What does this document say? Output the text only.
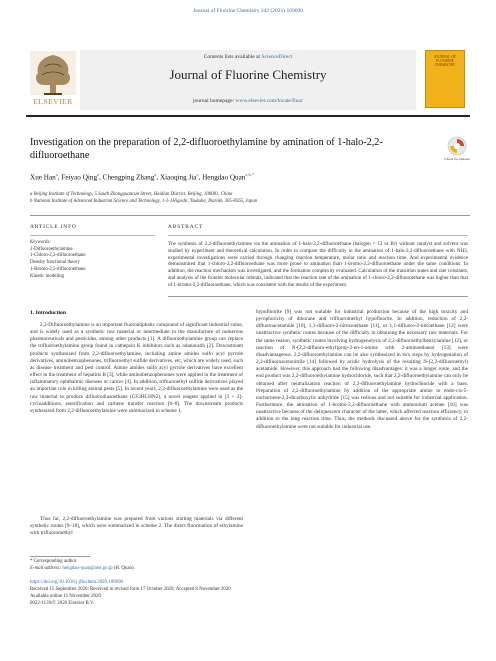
Journal of Fluorine Chemistry 242 (2021) 109690
ELSEVIER
Contents lists available at ScienceDirect
Journal of Fluorine Chemistry
journal homepage: www.elsevier.com/locate/fluor
JOURNAL OF FLUORINE CHEMISTRY
Investigation on the preparation of 2,2-difluoroethylamine by amination of 1-halo-2,2-difluoroethane	Check for updates
Xue Han$^a$, Feiyao Qing$^a$, Chengping Zhang$^a$, Xiaoqing Jia$^a$, Hengdao Quan$^{a,b,*}$
a Beijing Institute of Technology, 5 South Zhongguancun Street, Haidian District, Beijing, 100081, China
b National Institute of Advanced Industrial Science and Technology, 1-1-1Higashi, Tsukuba, Ibaraki, 305-8565, Japan
ARTICLE INFO
Keywords:
2-Difluoroethylamine
1-Chloro-2,2-difluoroethane
Density functional theory
1-Bromo-2,2-difluoroethane
Kinetic modeling
ABSTRACT
The synthesis of 2,2-difluoroethylamine via the amination of 1-halo-2,2-difluoroethane (halogen = Cl or Br) without catalyst and solvent was studied by experiment and theoretical calculation. In order to compare the difficulty in the amination of 1-halo-2,2-difluoroethane with NH3, experimental investigations were carried through changing reaction temperature, molar ratio and reaction time. And experimental evidence demonstrated that 1-chloro-2,2-difluoroethane was more prone to amination than 1-bromo-2,2-difluoroethane under the same conditions. In addition, the reaction mechanism was investigated, and the formation complexity evaluated. Calculation of the transition states and rate constants, and analysis of the frontier molecular orbitals, indicated that the reaction rate of the amination of 1-chloro-2,2-difluoroethane was higher than that of 1-bromo-2,2-difluoroethane, which was consistent with the results of the experiment.
1. Introduction
2,2-Difluoroethylamine is an important fluoroaliphatic compound of significant industrial value, and is widely used as a synthetic raw material or intermediate in the manufacture of numerous pharmaceuticals and pesticides, among other products [1]. A difluoroethylamine group can replace the trifluoroethylamine group found in cathepsin K inhibitors such as odanacatib [2]. Downstream products synthesized from 2,2-difluoroethylamine, including amine amides sulfo acyl pyrrole derivatives, aminobenzophenones, trifluoroethyl sulfide derivatives, etc, which are widely used, such as disease treatment and pest control. Amine amides sulfo acyl pyrrole derivatives have excellent effect in the treatment of hepatitis B [3], while aminobenzophenones were applied in the treatment of inflammatory ophthalmic diseases or cancer [4]. In addition, trifluoroethyl sulfide derivatives played an important role in killing animal pests [5]. In recent years, 2,2-difluoroethylamine were used as the raw material to produce difluorodiazoethane (CF2HCHN2), a novel reagent applied in [3 + 2]-cycloadditions, esterification and carbene transfer reaction [6–8]. The downstream products synthesized from 2,2-difluoroethylamine were summarized in scheme 1.
Thus far, 2,2-difluoroethylamine was prepared from various starting materials via different synthetic routes [9–18], which were summarized in scheme 2. The direct fluorination of ethylamine with trifluoromethyl
hypofluorite [9] was not suitable for industrial production because of the high toxicity and pyrophoricity of diborane and trifluoromethyl hypofluorite. In addition, reduction of 2,2-difluoroacetamide [10], 1,1-difluoro-2-nitrosoethane [11], or 1,1-difluoro-2-nitroethane [12] were unattractive synthetic routes because of the difficulty in obtaining the necessary raw materials. For the same reason, synthetic routes involving hydrogenolysis of 2,2-difluoroethylbenzylamine [12], or reaction of N-(2,2-difluoro-ethyl)prop-2-en-1-amine with 2-aminoethanol [13] were disadvantageous. 2,2-difluoroethylamine can be also synthesized in two steps by hydrogenation of 2,2-difluoroacetonitrile [14] followed by acidic hydrolysis of the resulting N-(2,2-difluoroethyl) acetamide. However, this approach had the following disadvantages: it was a longer route, and the end product was 2,2-difluoroethylamine hydrochloride, such that 2,2-difluoroethylamine can only be obtained after neutralization reaction of 2,2-difluoroethylamine hydrochloride with a base. Preparation of 2,2-difluoroethylamine by addition of the appropriate amine to endo-cis-5-norbornene-2,3-dicarboxylic anhydride [15] was tedious and not suitable for industrial application. Furthermore, the amination of 1-bromo-2,2-difluoroethane with ammonium acetate [16] was unattractive because of the deliquescent character of the latter, which affected reaction efficiency, in addition to the long reaction time. Thus, the methods discussed above for the synthesis of 2,2-difluoroethylamine were not suitable for industrial use.
* Corresponding author.
E-mail address: hengdao-quan@aist.go.jp (H. Quan).
https://doi.org/10.1016/j.jfluchem.2020.109690
Received 15 September 2020; Received in revised form 17 October 2020; Accepted 8 November 2020
Available online 11 November 2020
0022-1139/© 2020 Elsevier B.V.
